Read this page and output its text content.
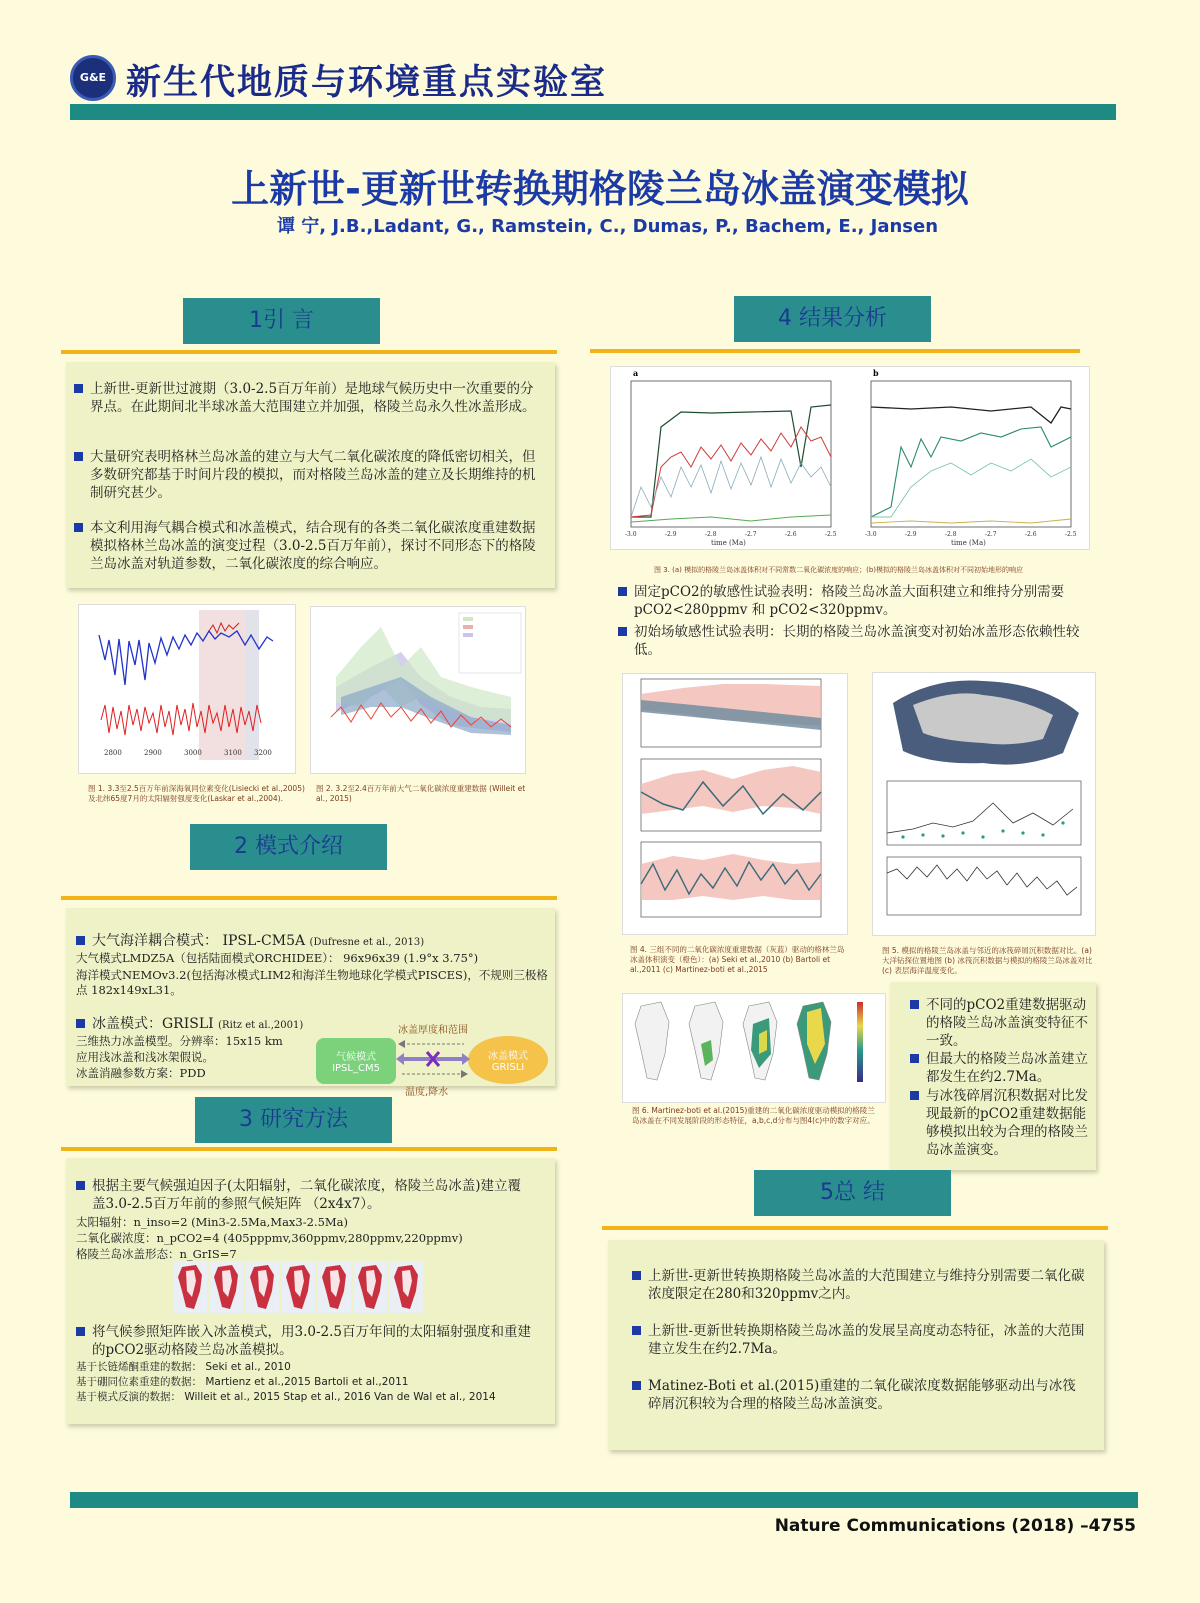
G&E 新生代地质与环境重点实验室
上新世-更新世转换期格陵兰岛冰盖演变模拟
谭 宁, J.B.,Ladant, G., Ramstein, C., Dumas, P., Bachem, E., Jansen
1引 言
上新世-更新世过渡期（3.0-2.5百万年前）是地球气候历史中一次重要的分界点。在此期间北半球冰盖大范围建立并加强，格陵兰岛永久性冰盖形成。
大量研究表明格林兰岛冰盖的建立与大气二氧化碳浓度的降低密切相关，但多数研究都基于时间片段的模拟，而对格陵兰岛冰盖的建立及长期维持的机制研究甚少。
本文利用海气耦合模式和冰盖模式，结合现有的各类二氧化碳浓度重建数据模拟格林兰岛冰盖的演变过程（3.0-2.5百万年前），探讨不同形态下的格陵兰岛冰盖对轨道参数，二氧化碳浓度的综合响应。
2800	2900	3000	3100 3200
图 1. 3.3至2.5百万年前深海氧同位素变化(Lisiecki et al.,2005)及北纬65度7月的太阳辐射强度变化(Laskar et al.,2004).
图 2. 3.2至2.4百万年前大气二氧化碳浓度重建数据 (Willeit et al., 2015)
2 模式介绍
大气海洋耦合模式： IPSL-CM5A (Dufresne et al., 2013)
大气模式LMDZ5A（包括陆面模式ORCHIDEE）： 96x96x39 (1.9°x 3.75°)
海洋模式NEMOv3.2(包括海冰模式LIM2和海洋生物地球化学模式PISCES)，不规则三极格点 182x149xL31。
冰盖模式：GRISLI (Ritz et al.,2001)
三维热力冰盖模型。分辨率：15x15 km
应用浅冰盖和浅冰架假说。
冰盖消融参数方案：PDD
冰盖厚度和范围
温度,降水
气候模式
IPSL_CM5
冰盖模式
GRISLI
3 研究方法
根据主要气候强迫因子(太阳辐射，二氧化碳浓度，格陵兰岛冰盖)建立覆盖3.0-2.5百万年前的参照气候矩阵 （2x4x7）。
太阳辐射：n_inso=2 (Min3-2.5Ma,Max3-2.5Ma)
二氧化碳浓度：n_pCO2=4 (405pppmv,360ppmv,280ppmv,220ppmv)
格陵兰岛冰盖形态：n_GrIS=7
将气候参照矩阵嵌入冰盖模式，用3.0-2.5百万年间的太阳辐射强度和重建的pCO2驱动格陵兰岛冰盖模拟。
基于长链烯酮重建的数据： Seki et al., 2010
基于硼同位素重建的数据： Martienz et al.,2015 Bartoli et al.,2011
基于模式反演的数据： Willeit et al., 2015 Stap et al., 2016 Van de Wal et al., 2014
4 结果分析
a	b
time (Ma)	time (Ma)
-3.0	-2.9	-2.8	-2.7	-2.6	-2.5	-3.0	-2.9	-2.8	-2.7	-2.6	-2.5
图 3. (a) 模拟的格陵兰岛冰盖体积对不同常数二氧化碳浓度的响应；(b)模拟的格陵兰岛冰盖体积对不同初始地形的响应
固定pCO2的敏感性试验表明：格陵兰岛冰盖大面积建立和维持分别需要pCO2<280ppmv 和 pCO2<320ppmv。
初始场敏感性试验表明：长期的格陵兰岛冰盖演变对初始冰盖形态依赖性较低。
图 4. 三组不同的二氧化碳浓度重建数据（灰蓝）驱动的格林兰岛冰盖体积演变（橙色）：(a) Seki et al.,2010 (b) Bartoli et al.,2011 (c) Martinez-boti et al.,2015
图 5. 模拟的格陵兰岛冰盖与邻近的冰筏碎屑沉积数据对比。(a) 大洋钻探位置地图 (b) 冰筏沉积数据与模拟的格陵兰岛冰盖对比 (c) 表层海洋温度变化。
图 6. Martinez-boti et al.(2015)重建的二氧化碳浓度驱动模拟的格陵兰岛冰盖在不同发展阶段的形态特征，a,b,c,d分布与图4(c)中的数字对应。
不同的pCO2重建数据驱动的格陵兰岛冰盖演变特征不一致。
但最大的格陵兰岛冰盖建立都发生在约2.7Ma。
与冰筏碎屑沉积数据对比发现最新的pCO2重建数据能够模拟出较为合理的格陵兰岛冰盖演变。
5总 结
上新世-更新世转换期格陵兰岛冰盖的大范围建立与维持分别需要二氧化碳浓度限定在280和320ppmv之内。
上新世-更新世转换期格陵兰岛冰盖的发展呈高度动态特征，冰盖的大范围建立发生在约2.7Ma。
Matinez-Boti et al.(2015)重建的二氧化碳浓度数据能够驱动出与冰筏碎屑沉积较为合理的格陵兰岛冰盖演变。
Nature Communications (2018) –4755
